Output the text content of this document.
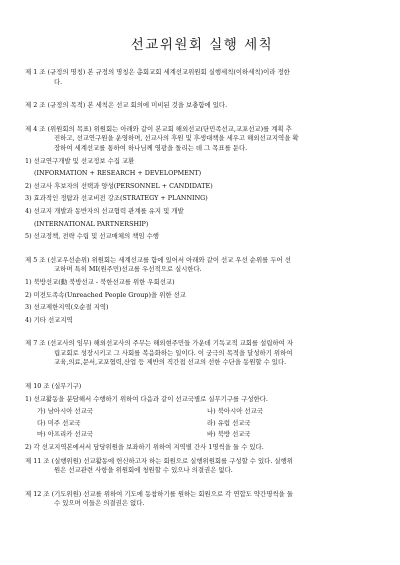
선교위원회 실행 세칙

제 1 조 (규정의 명칭) 본 규정의 명칭은 총회교회 세계선교위원회 실행세칙(이하세칙)이라 정한

다.

제 2 조 (규정의 목적) 본 세칙은 선교 회의에 미비된 것을 보충함에 있다.

제 4 조 (위원회의 목표) 위원회는 아래와 같이 본교회 해외선교(단민족선교,교포선교)를 계획 추

진하고, 선교연구원을 운영하며, 선교사의 후원 및 후생대책을 세우고 해외선교지역을 확

장하여 세계선교를 통하여 하나님께 영광을 돌리는 데 그 목표를 둔다.

1) 선교연구개발 및 선교정보 수집 교환
(INFORMATION + RESEARCH + DEVELOPMENT)
2) 선교사 후보자의 선택과 양성(PERSONNEL + CANDIDATE)
3) 효과적인 정탐과 선교비전 강조(STRATEGY + PLANNING)
4) 선교지 개발과 동반자의 선교협력 관계를 유지 및 개발
(INTERNATIONAL PARTNERSHIP)
5) 선교정책, 전략 수립 및 선교매체의 책임 수행

제 5 조 (선교우선순위) 위원회는 세계선교를 함에 있어서 아래와 같이 선교 우선 순위를 두어 선

교하며 특히 MI(원주민)선교를 우선적으로 실시한다.

1) 북방선교(動 북방선교 - 북한선교를 위한 우회선교)
2) 미전도족속(Unreached People Group)을 위한 선교
3) 선교제한지역(오순절 지역)
4) 기타 선교지역

제 7 조 (선교사의 임무) 해외선교사의 주무는 해외현주민들 가운데 기독교적 교회를 설립하여 자

립교회로 성장시키고 그 사회를 복음화하는 일이다. 이 궁극의 목적을 달성하기 위하여

교육,의료,문서,교포협력,산업 등 제반의 직간접 선교의 선한 수단을 동원할 수 있다.

제 10 조 (실무기구)

1) 선교활동을 분담해서 수행하기 위하여 다음과 같이 선교국별로 실무기구를 구성한다.

가) 남아시아 선교국	나) 북아시아 선교국
다) 미주 선교국	라) 유럽 선교국
마) 아프리카 선교국	바) 북방 선교국

2) 각 선교지역본에서서 담당위원을 보좌하기 위하여 지역별 간사 1명씩을 둘 수 있다.

제 11 조 (실행위원) 선교활동에 헌신하고자 하는 회원으로 실행위원회를 구성할 수 있다. 실행위

원은 선교관련 사항을 위원회에 청원할 수 있으나 의결권은 없다.

제 12 조 (기도위원) 선교를 위하여 기도에 동참하기를 원하는 회원으로 각 연합도 약간명씩을 둘

수 있으며 이들은 의결권은 없다.
